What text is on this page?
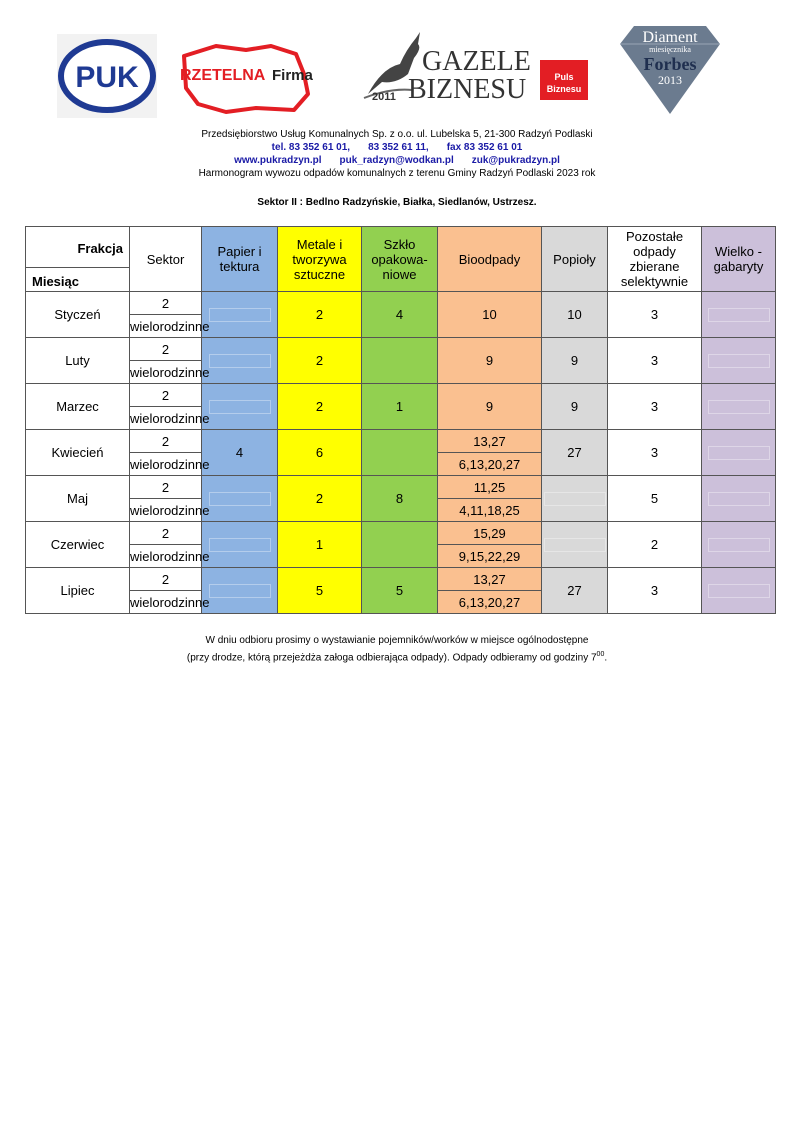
PUK	RZETELNA Firma	GAZELE
BIZNESU
2011
Puls
Biznesu
Diament
miesięcznika
Forbes
2013
Przedsiębiorstwo Usług Komunalnych Sp. z o.o. ul. Lubelska 5, 21-300 Radzyń Podlaski
tel. 83 352 61 01, 83 352 61 11, fax 83 352 61 01
www.pukradzyn.pl puk_radzyn@wodkan.pl zuk@pukradzyn.pl
Harmonogram wywozu odpadów komunalnych z terenu Gminy Radzyń Podlaski 2023 rok
Sektor II : Bedlno Radzyńskie, Białka, Siedlanów, Ustrzesz.
Frakcja
Miesiąc	Sektor	Papier i tektura	Metale i tworzywa sztuczne	Szkło opakowa-niowe	Bioodpady	Popioły	Pozostałe odpady zbierane selektywnie	Wielko - gabaryty
Styczeń	2		2	4	10	10	3	

	wielorodzinne							
Luty	2		2		9	9	3	

	wielorodzinne							
Marzec	2		2	1	9	9	3	

	wielorodzinne							
Kwiecień	2	4	6		13,27	27	3	

	wielorodzinne				6,13,20,27			
Maj	2		2	8	11,25		5	

	wielorodzinne				4,11,18,25			
Czerwiec	2		1		15,29		2	

	wielorodzinne				9,15,22,29			
Lipiec	2		5	5	13,27	27	3	

	wielorodzinne				6,13,20,27			
W dniu odbioru prosimy o wystawianie pojemników/worków w miejsce ogólnodostępne
(przy drodze, którą przejeżdża załoga odbierająca odpady). Odpady odbieramy od godziny $7^{00}$.
